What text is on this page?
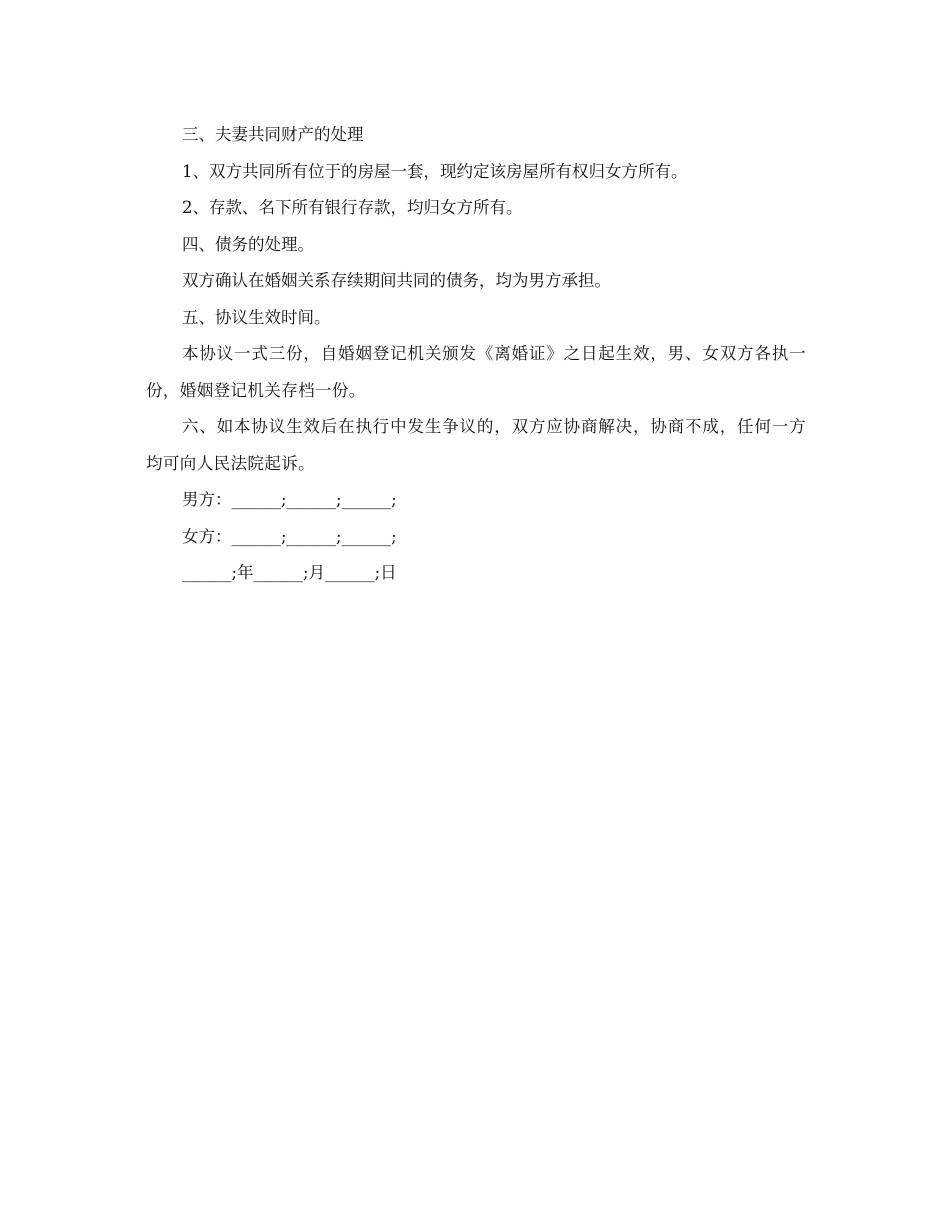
三、夫妻共同财产的处理

1、双方共同所有位于的房屋一套，现约定该房屋所有权归女方所有。

2、存款、名下所有银行存款，均归女方所有。

四、债务的处理。

双方确认在婚姻关系存续期间共同的债务，均为男方承担。

五、协议生效时间。

本协议一式三份，自婚姻登记机关颁发《离婚证》之日起生效，男、女双方各执一份，婚姻登记机关存档一份。

六、如本协议生效后在执行中发生争议的，双方应协商解决，协商不成，任何一方均可向人民法院起诉。

男方：______;______;______;

女方：______;______;______;

______;年______;月______;日
